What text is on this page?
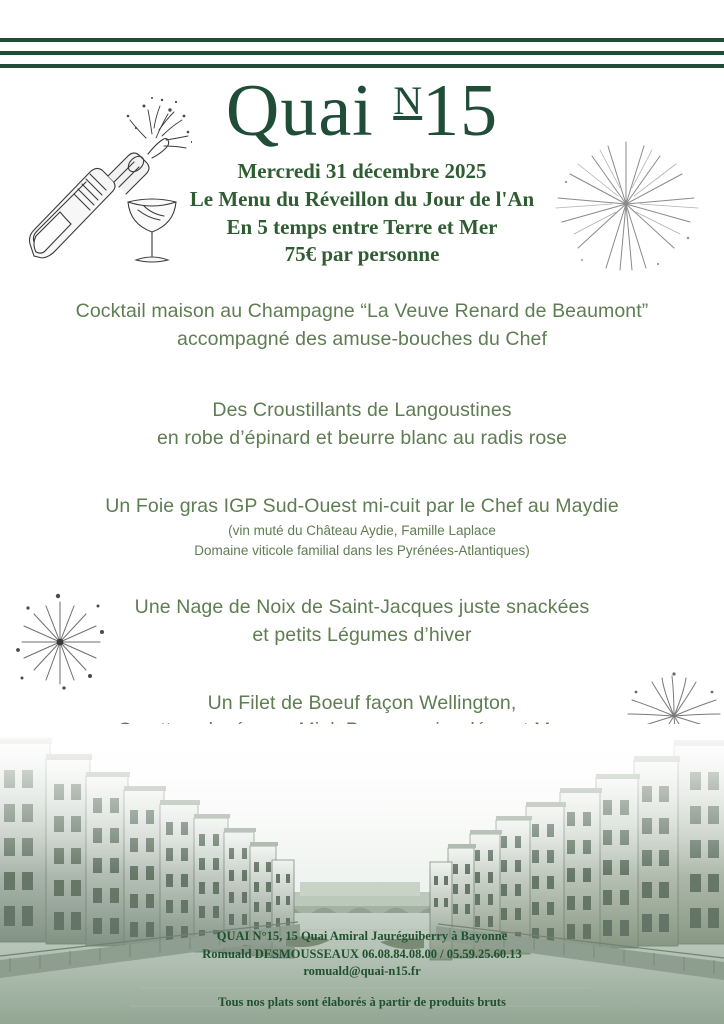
Quai $^N$15
Mercredi 31 décembre 2025
Le Menu du Réveillon du Jour de l'An
En 5 temps entre Terre et Mer
75€ par personne
Cocktail maison au Champagne “La Veuve Renard de Beaumont”
accompagné des amuse-bouches du Chef
Des Croustillants de Langoustines
en robe d’épinard et beurre blanc au radis rose
Un Foie gras IGP Sud-Ouest mi-cuit par le Chef au Maydie
(vin muté du Château Aydie, Famille Laplace
Domaine viticole familial dans les Pyrénées-Atlantiques)
Une Nage de Noix de Saint-Jacques juste snackées
et petits Légumes d’hiver
Un Filet de Boeuf façon Wellington,
QUAI N°15, 15 Quai Amiral Jauréguiberry à Bayonne
Romuald DESMOUSSEAUX 06.08.84.08.00 / 05.59.25.60.13
romuald@quai-n15.fr
Tous nos plats sont élaborés à partir de produits bruts
